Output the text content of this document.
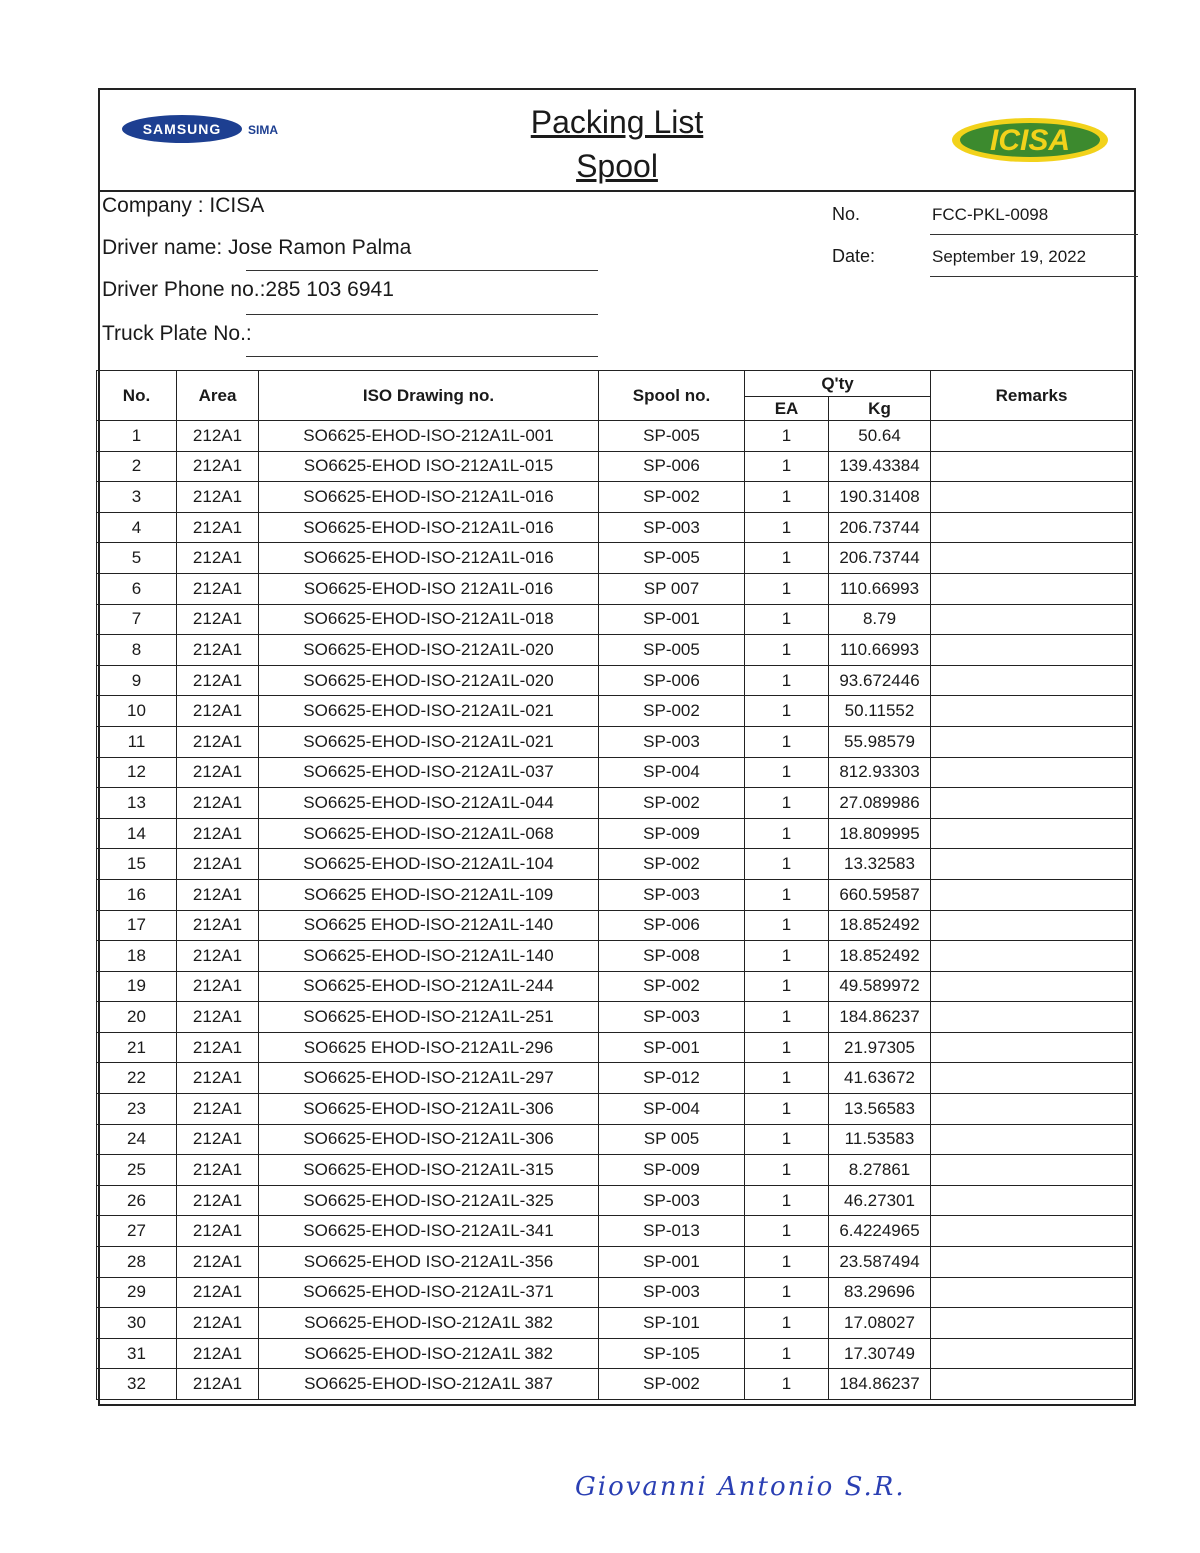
SAMSUNG SIMA	Packing List
Spool
ICISA
Company : ICISA
Driver name: Jose Ramon Palma
Driver Phone no.:285 103 6941
Truck Plate No.:
No.	FCC-PKL-0098
Date:	September 19, 2022
No.	Area	ISO Drawing no.	Spool no.	Q'ty		Remarks
				EA	Kg	
1	212A1	SO6625-EHOD-ISO-212A1L-001	SP-005	1	50.64	
2	212A1	SO6625-EHOD ISO-212A1L-015	SP-006	1	139.43384	
3	212A1	SO6625-EHOD-ISO-212A1L-016	SP-002	1	190.31408	
4	212A1	SO6625-EHOD-ISO-212A1L-016	SP-003	1	206.73744	
5	212A1	SO6625-EHOD-ISO-212A1L-016	SP-005	1	206.73744	
6	212A1	SO6625-EHOD-ISO 212A1L-016	SP 007	1	110.66993	
7	212A1	SO6625-EHOD-ISO-212A1L-018	SP-001	1	8.79	
8	212A1	SO6625-EHOD-ISO-212A1L-020	SP-005	1	110.66993	
9	212A1	SO6625-EHOD-ISO-212A1L-020	SP-006	1	93.672446	
10	212A1	SO6625-EHOD-ISO-212A1L-021	SP-002	1	50.11552	
11	212A1	SO6625-EHOD-ISO-212A1L-021	SP-003	1	55.98579	
12	212A1	SO6625-EHOD-ISO-212A1L-037	SP-004	1	812.93303	
13	212A1	SO6625-EHOD-ISO-212A1L-044	SP-002	1	27.089986	
14	212A1	SO6625-EHOD-ISO-212A1L-068	SP-009	1	18.809995	
15	212A1	SO6625-EHOD-ISO-212A1L-104	SP-002	1	13.32583	
16	212A1	SO6625 EHOD-ISO-212A1L-109	SP-003	1	660.59587	
17	212A1	SO6625 EHOD-ISO-212A1L-140	SP-006	1	18.852492	
18	212A1	SO6625-EHOD-ISO-212A1L-140	SP-008	1	18.852492	
19	212A1	SO6625-EHOD-ISO-212A1L-244	SP-002	1	49.589972	
20	212A1	SO6625-EHOD-ISO-212A1L-251	SP-003	1	184.86237	
21	212A1	SO6625 EHOD-ISO-212A1L-296	SP-001	1	21.97305	
22	212A1	SO6625-EHOD-ISO-212A1L-297	SP-012	1	41.63672	
23	212A1	SO6625-EHOD-ISO-212A1L-306	SP-004	1	13.56583	
24	212A1	SO6625-EHOD-ISO-212A1L-306	SP 005	1	11.53583	
25	212A1	SO6625-EHOD-ISO-212A1L-315	SP-009	1	8.27861	
26	212A1	SO6625-EHOD-ISO-212A1L-325	SP-003	1	46.27301	
27	212A1	SO6625-EHOD-ISO-212A1L-341	SP-013	1	6.4224965	
28	212A1	SO6625-EHOD ISO-212A1L-356	SP-001	1	23.587494	
29	212A1	SO6625-EHOD-ISO-212A1L-371	SP-003	1	83.29696	
30	212A1	SO6625-EHOD-ISO-212A1L 382	SP-101	1	17.08027	
31	212A1	SO6625-EHOD-ISO-212A1L 382	SP-105	1	17.30749	
32	212A1	SO6625-EHOD-ISO-212A1L 387	SP-002	1	184.86237	
Giovanni Antonio S.R.
